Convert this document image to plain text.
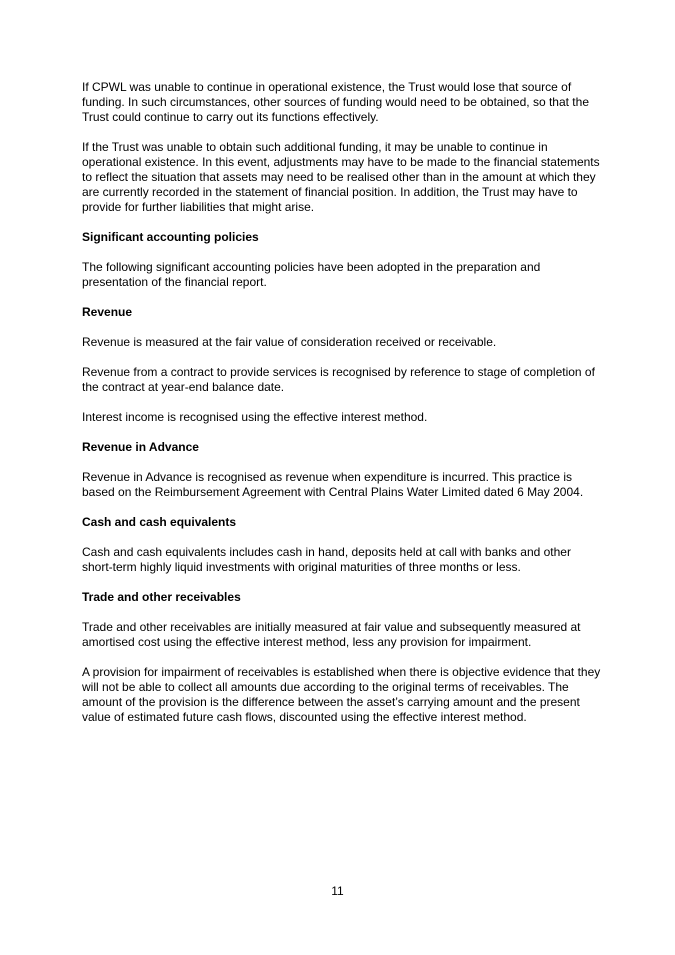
If CPWL was unable to continue in operational existence, the Trust would lose that source of funding. In such circumstances, other sources of funding would need to be obtained, so that the Trust could continue to carry out its functions effectively.

If the Trust was unable to obtain such additional funding, it may be unable to continue in operational existence. In this event, adjustments may have to be made to the financial statements to reflect the situation that assets may need to be realised other than in the amount at which they are currently recorded in the statement of financial position. In addition, the Trust may have to provide for further liabilities that might arise.

Significant accounting policies

The following significant accounting policies have been adopted in the preparation and presentation of the financial report.

Revenue

Revenue is measured at the fair value of consideration received or receivable.

Revenue from a contract to provide services is recognised by reference to stage of completion of the contract at year-end balance date.

Interest income is recognised using the effective interest method.

Revenue in Advance

Revenue in Advance is recognised as revenue when expenditure is incurred. This practice is based on the Reimbursement Agreement with Central Plains Water Limited dated 6 May 2004.

Cash and cash equivalents

Cash and cash equivalents includes cash in hand, deposits held at call with banks and other short-term highly liquid investments with original maturities of three months or less.

Trade and other receivables

Trade and other receivables are initially measured at fair value and subsequently measured at amortised cost using the effective interest method, less any provision for impairment.

A provision for impairment of receivables is established when there is objective evidence that they will not be able to collect all amounts due according to the original terms of receivables. The amount of the provision is the difference between the asset’s carrying amount and the present value of estimated future cash flows, discounted using the effective interest method.

11
